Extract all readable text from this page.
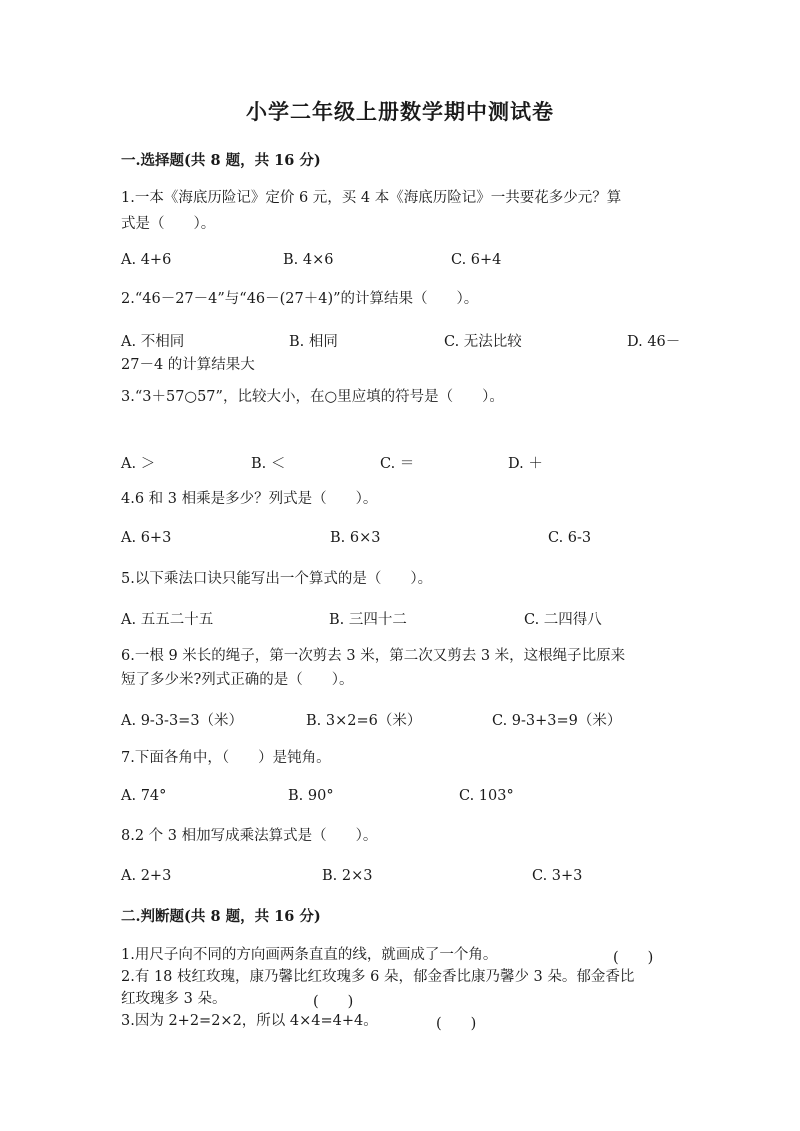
小学二年级上册数学期中测试卷
一.选择题(共 8 题，共 16 分)
1.一本《海底历险记》定价 6 元，买 4 本《海底历险记》一共要花多少元？算
式是（　　）。
A. 4+6	B. 4×6	C. 6+4
2.“46－27－4”与“46－(27＋4)”的计算结果（　　）。
A. 不相同	B. 相同	C. 无法比较	D. 46－
27－4 的计算结果大
3.“3＋57○57”，比较大小，在○里应填的符号是（　　）。
A. ＞	B. ＜	C. ＝	D. ＋
4.6 和 3 相乘是多少？列式是（　　）。
A. 6+3	B. 6×3	C. 6-3
5.以下乘法口诀只能写出一个算式的是（　　）。
A. 五五二十五	B. 三四十二	C. 二四得八
6.一根 9 米长的绳子，第一次剪去 3 米，第二次又剪去 3 米，这根绳子比原来
短了多少米?列式正确的是（　　）。
A. 9-3-3=3（米）	B. 3×2=6（米）	C. 9-3+3=9（米）
7.下面各角中，（　　）是钝角。
A. 74°	B. 90°	C. 103°
8.2 个 3 相加写成乘法算式是（　　）。
A. 2+3	B. 2×3	C. 3+3
二.判断题(共 8 题，共 16 分)
1.用尺子向不同的方向画两条直直的线，就画成了一个角。	(　　)
2.有 18 枝红玫瑰，康乃馨比红玫瑰多 6 朵，郁金香比康乃馨少 3 朵。郁金香比
红玫瑰多 3 朵。	(　　)
3.因为 2+2=2×2，所以 4×4=4+4。	(　　)
